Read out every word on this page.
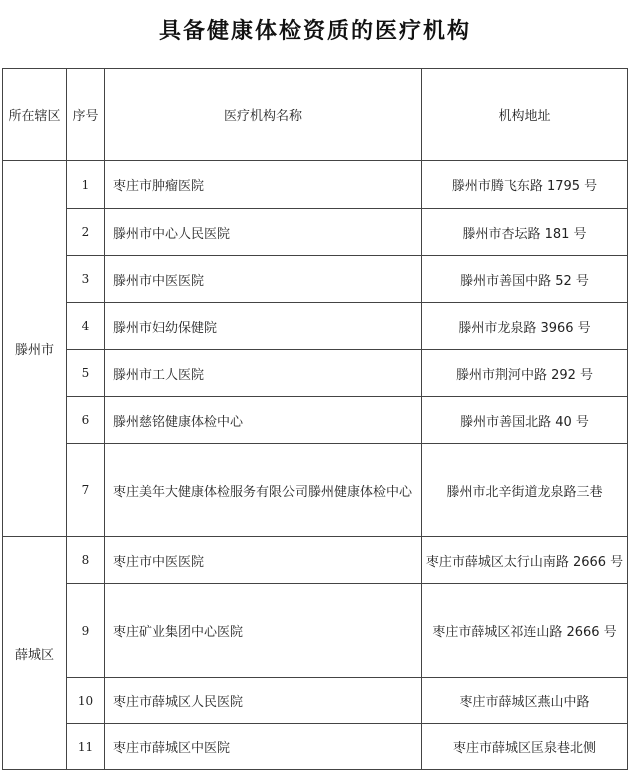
具备健康体检资质的医疗机构
所在辖区	序号	医疗机构名称	机构地址
滕州市	1	枣庄市肿瘤医院	滕州市腾飞东路 1795 号
	2	滕州市中心人民医院	滕州市杏坛路 181 号
	3	滕州市中医医院	滕州市善国中路 52 号
	4	滕州市妇幼保健院	滕州市龙泉路 3966 号
	5	滕州市工人医院	滕州市荆河中路 292 号
	6	滕州慈铭健康体检中心	滕州市善国北路 40 号
	7	枣庄美年大健康体检服务有限公司滕州健康体检中心	滕州市北辛街道龙泉路三巷
薛城区	8	枣庄市中医医院	枣庄市薛城区太行山南路 2666 号
	9	枣庄矿业集团中心医院	枣庄市薛城区祁连山路 2666 号
	10	枣庄市薛城区人民医院	枣庄市薛城区燕山中路
	11	枣庄市薛城区中医院	枣庄市薛城区匡泉巷北侧
